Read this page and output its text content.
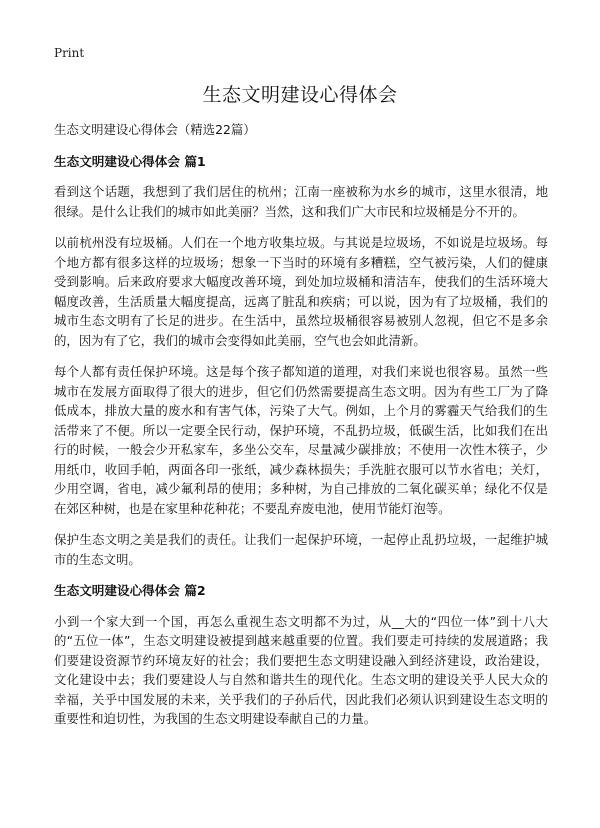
Print
生态文明建设心得体会

生态文明建设心得体会（精选22篇）

生态文明建设心得体会 篇1

看到这个话题，我想到了我们居住的杭州；江南一座被称为水乡的城市，这里水很清，地很绿。是什么让我们的城市如此美丽？当然，这和我们广大市民和垃圾桶是分不开的。

以前杭州没有垃圾桶。人们在一个地方收集垃圾。与其说是垃圾场，不如说是垃圾场。每个地方都有很多这样的垃圾场；想象一下当时的环境有多糟糕，空气被污染，人们的健康受到影响。后来政府要求大幅度改善环境，到处加垃圾桶和清洁车，使我们的生活环境大幅度改善，生活质量大幅度提高，远离了脏乱和疾病；可以说，因为有了垃圾桶，我们的城市生态文明有了长足的进步。在生活中，虽然垃圾桶很容易被别人忽视，但它不是多余的，因为有了它，我们的城市会变得如此美丽，空气也会如此清新。

每个人都有责任保护环境。这是每个孩子都知道的道理，对我们来说也很容易。虽然一些城市在发展方面取得了很大的进步，但它们仍然需要提高生态文明。因为有些工厂为了降低成本，排放大量的废水和有害气体，污染了大气。例如，上个月的雾霾天气给我们的生活带来了不便。所以一定要全民行动，保护环境，不乱扔垃圾，低碳生活，比如我们在出行的时候，一般会少开私家车，多坐公交车，尽量减少碳排放；不使用一次性木筷子，少用纸巾，收回手帕，两面各印一张纸，减少森林损失；手洗脏衣服可以节水省电；关灯，少用空调，省电，减少氟利昂的使用；多种树，为自己排放的二氧化碳买单；绿化不仅是在郊区种树，也是在家里种花种花；不要乱弃废电池，使用节能灯泡等。

保护生态文明之美是我们的责任。让我们一起保护环境，一起停止乱扔垃圾，一起维护城市的生态文明。

生态文明建设心得体会 篇2

小到一个家大到一个国，再怎么重视生态文明都不为过，从__大的“四位一体”到十八大的“五位一体”，生态文明建设被提到越来越重要的位置。我们要走可持续的发展道路；我们要建设资源节约环境友好的社会；我们要把生态文明建设融入到经济建设，政治建设，文化建设中去；我们要建设人与自然和谐共生的现代化。生态文明的建设关乎人民大众的幸福，关乎中国发展的未来，关乎我们的子孙后代，因此我们必须认识到建设生态文明的重要性和迫切性，为我国的生态文明建设奉献自己的力量。
